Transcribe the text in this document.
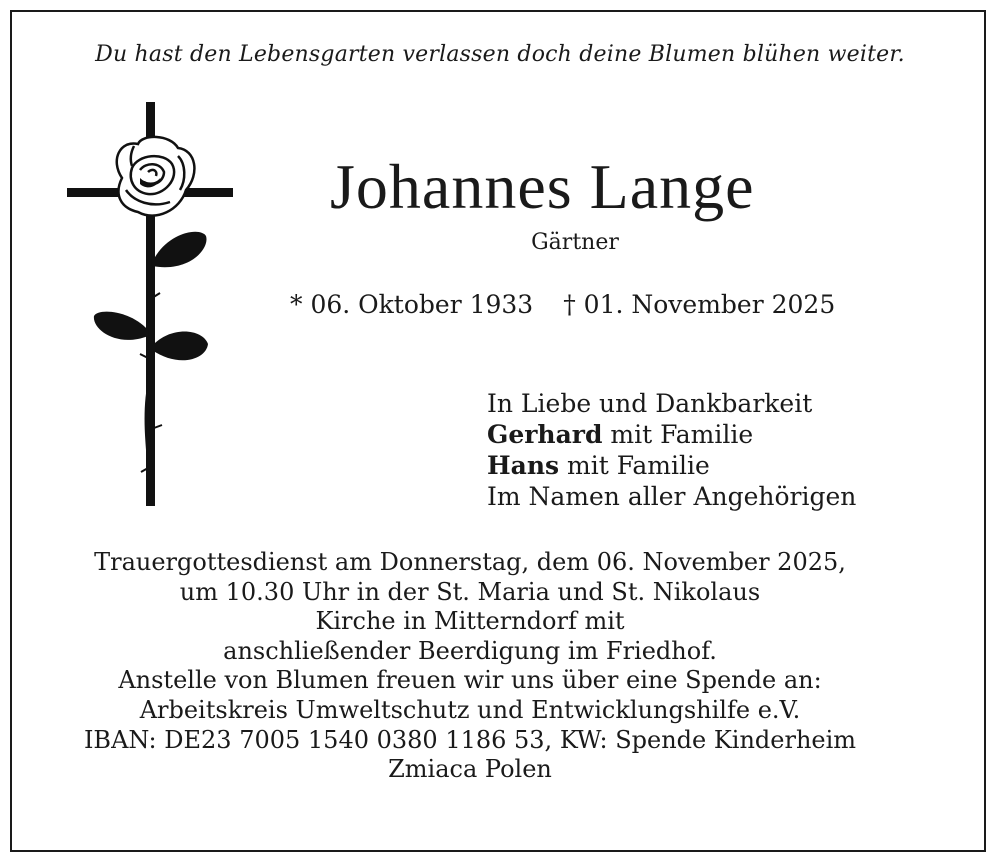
Du hast den Lebensgarten verlassen doch deine Blumen blühen weiter.
Johannes Lange
Gärtner
* 06. Oktober 1933 † 01. November 2025
In Liebe und Dankbarkeit
Gerhard mit Familie
Hans mit Familie
Im Namen aller Angehörigen
Trauergottesdienst am Donnerstag, dem 06. November 2025,
um 10.30 Uhr in der St. Maria und St. Nikolaus
Kirche in Mitterndorf mit
anschließender Beerdigung im Friedhof.
Anstelle von Blumen freuen wir uns über eine Spende an:
Arbeitskreis Umweltschutz und Entwicklungshilfe e.V.
IBAN: DE23 7005 1540 0380 1186 53, KW: Spende Kinderheim
Zmiaca Polen
